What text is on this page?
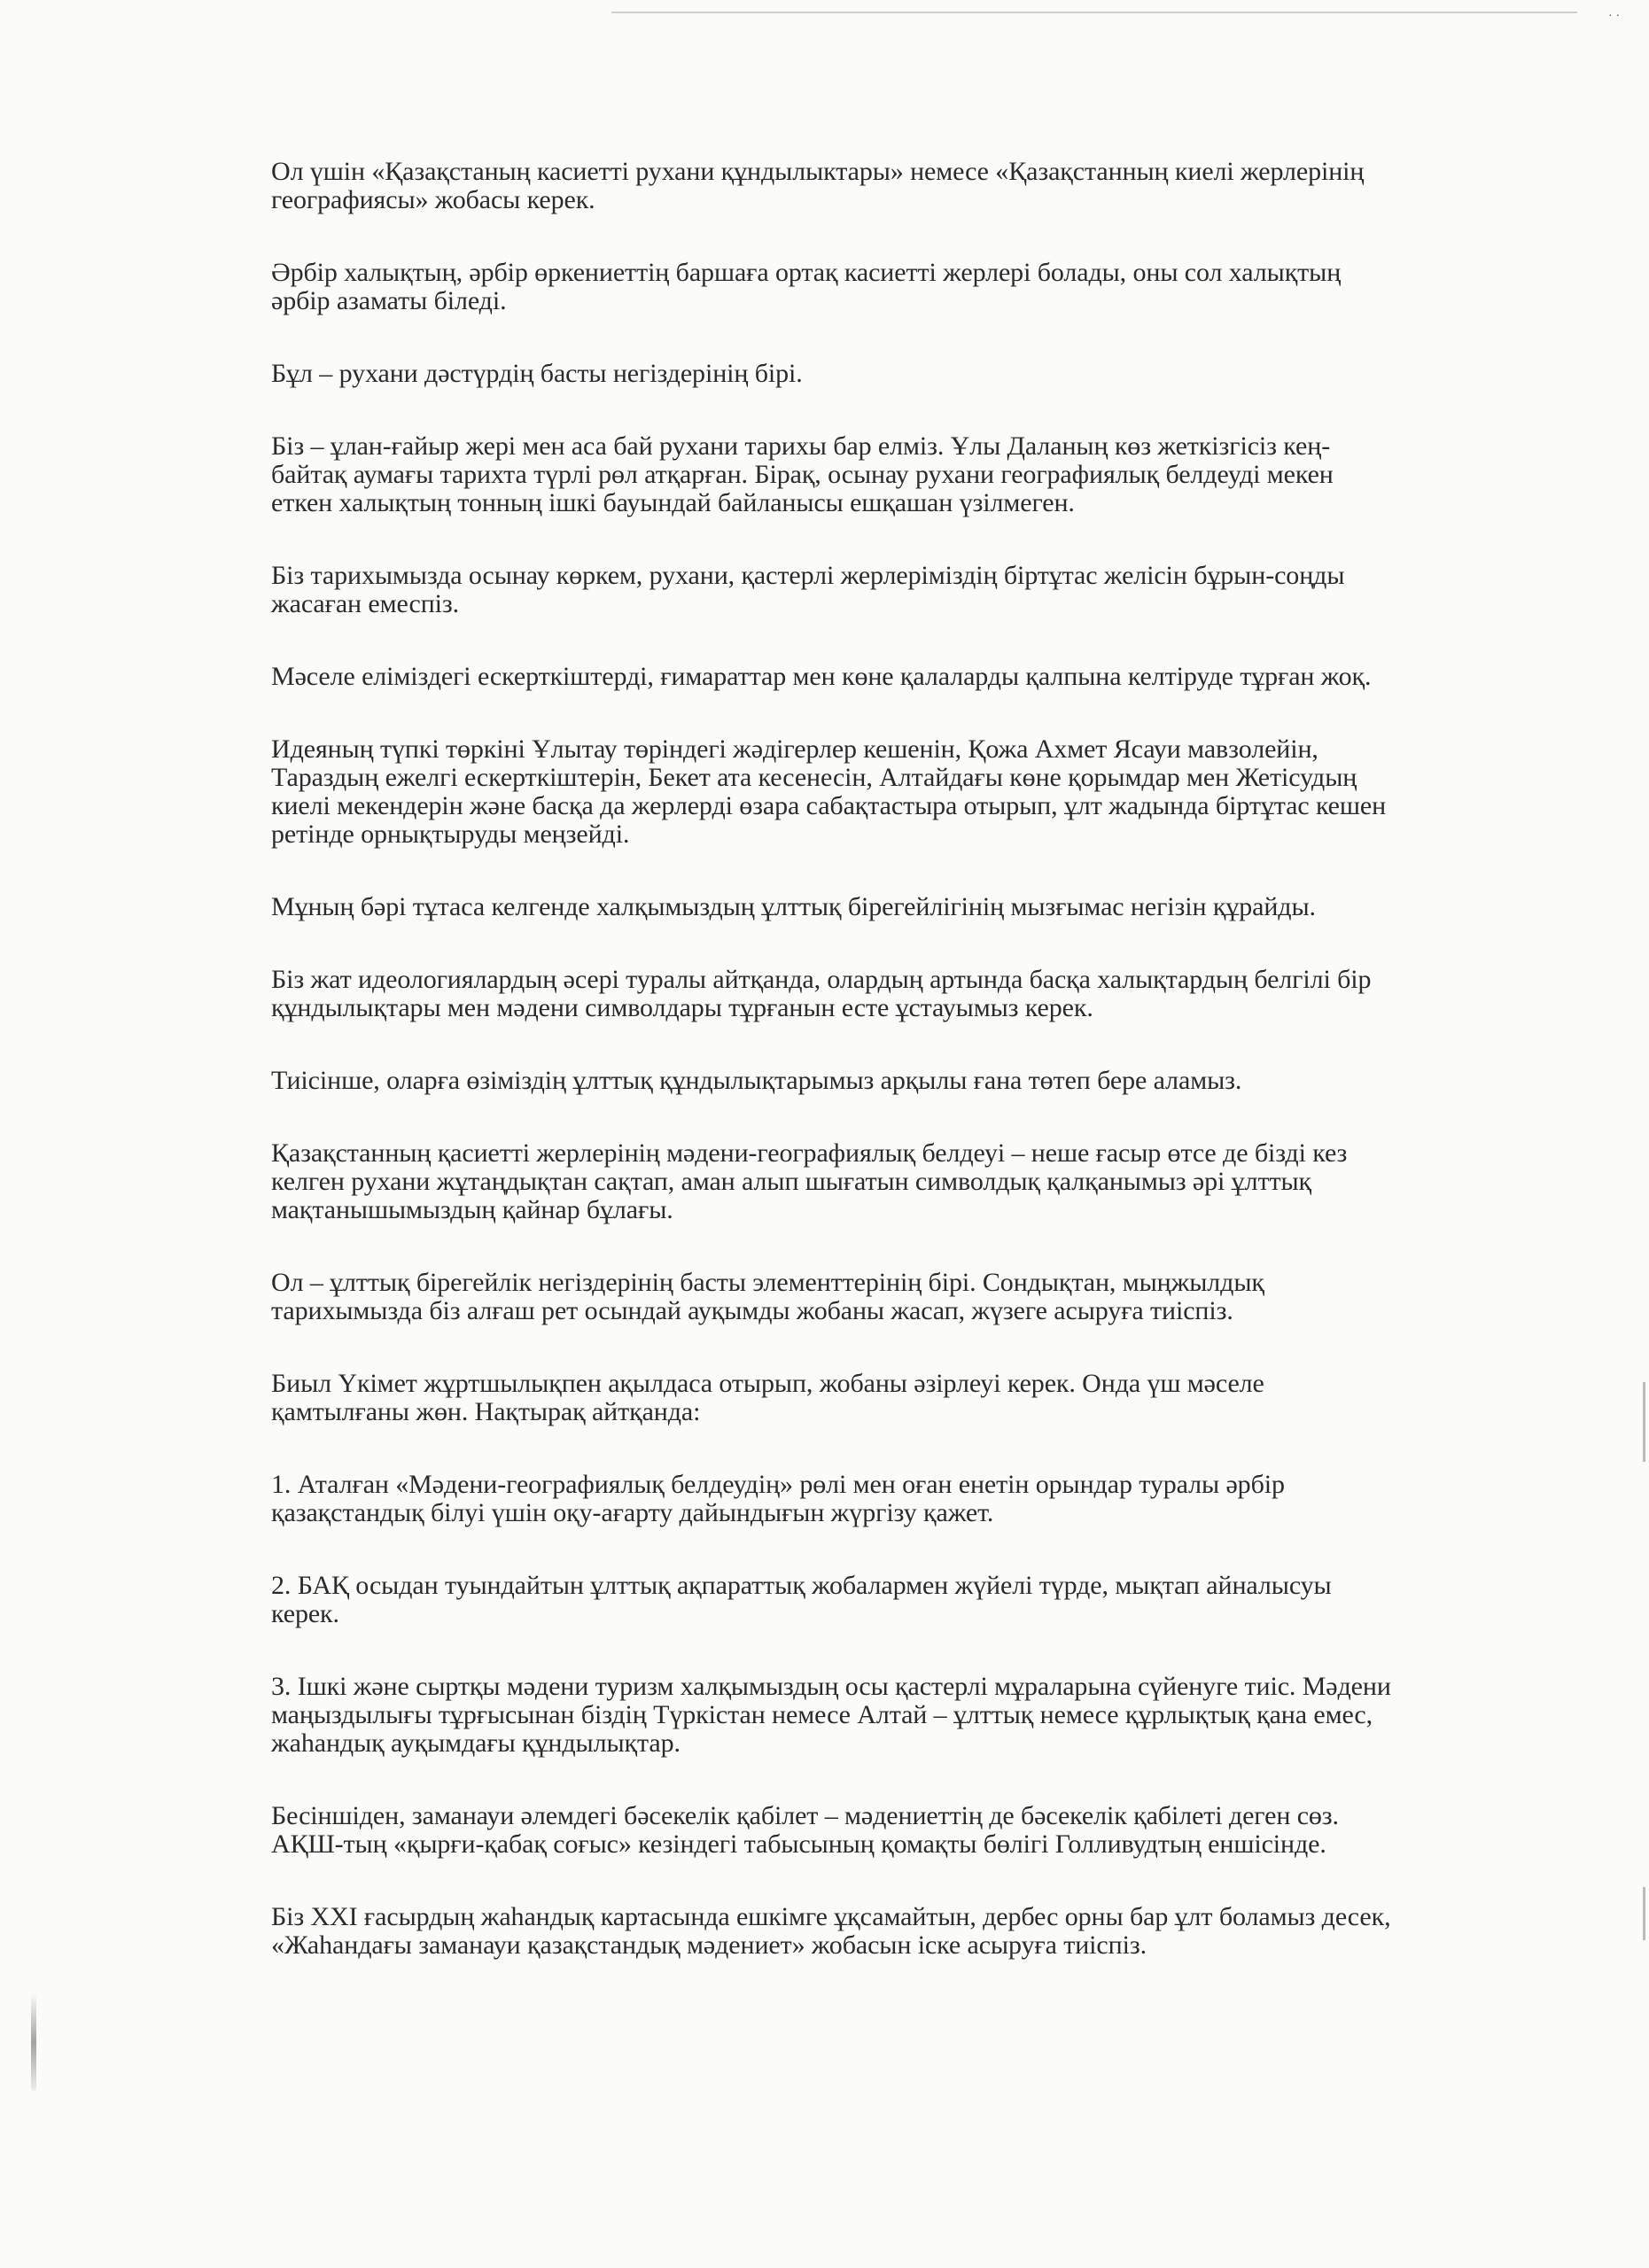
· ·

Ол үшін «Қазақстаның касиетті рухани құндылыктары» немесе «Қазақстанның киелі жерлерінің
географиясы» жобасы керек.

Әрбір халықтың, әрбір өркениеттің баршаға ортақ касиетті жерлері болады, оны сол халықтың
әрбір азаматы біледі.

Бұл – рухани дәстүрдің басты негіздерінің бірі.

Біз – ұлан-ғайыр жері мен аса бай рухани тарихы бар елміз. Ұлы Даланың көз жеткізгісіз кең-
байтақ аумағы тарихта түрлі рөл атқарған. Бірақ, осынау рухани географиялық белдеуді мекен
еткен халықтың тонның ішкі бауындай байланысы ешқашан үзілмеген.

Біз тарихымызда осынау көркем, рухани, қастерлі жерлеріміздің біртұтас желісін бұрын-соңды
жасаған емеспіз.

Мәселе еліміздегі ескерткіштерді, ғимараттар мен көне қалаларды қалпына келтіруде тұрған жоқ.

Идеяның түпкі төркіні Ұлытау төріндегі жәдігерлер кешенін, Қожа Ахмет Ясауи мавзолейін,
Тараздың ежелгі ескерткіштерін, Бекет ата кесенесін, Алтайдағы көне қорымдар мен Жетісудың
киелі мекендерін және басқа да жерлерді өзара сабақтастыра отырып, ұлт жадында біртұтас кешен
ретінде орнықтыруды меңзейді.

Мұның бәрі тұтаса келгенде халқымыздың ұлттық бірегейлігінің мызғымас негізін құрайды.

Біз жат идеологиялардың әсері туралы айтқанда, олардың артында басқа халықтардың белгілі бір
құндылықтары мен мәдени символдары тұрғанын есте ұстауымыз керек.

Тиісінше, оларға өзіміздің ұлттық құндылықтарымыз арқылы ғана төтеп бере аламыз.

Қазақстанның қасиетті жерлерінің мәдени-географиялық белдеуі – неше ғасыр өтсе де бізді кез
келген рухани жұтаңдықтан сақтап, аман алып шығатын символдық қалқанымыз әрі ұлттық
мақтанышымыздың қайнар бұлағы.

Ол – ұлттық бірегейлік негіздерінің басты элементтерінің бірі. Сондықтан, мыңжылдық
тарихымызда біз алғаш рет осындай ауқымды жобаны жасап, жүзеге асыруға тиіспіз.

Биыл Үкімет жұртшылықпен ақылдаса отырып, жобаны әзірлеуі керек. Онда үш мәселе
қамтылғаны жөн. Нақтырақ айтқанда:

1. Аталған «Мәдени-географиялық белдеудің» рөлі мен оған енетін орындар туралы әрбір
қазақстандық білуі үшін оқу-ағарту дайындығын жүргізу қажет.

2. БАҚ осыдан туындайтын ұлттық ақпараттық жобалармен жүйелі түрде, мықтап айналысуы
керек.

3. Ішкі және сыртқы мәдени туризм халқымыздың осы қастерлі мұраларына сүйенуге тиіс. Мәдени
маңыздылығы тұрғысынан біздің Түркістан немесе Алтай – ұлттық немесе құрлықтық қана емес,
жаһандық ауқымдағы құндылықтар.

Бесіншіден, заманауи әлемдегі бәсекелік қабілет – мәдениеттің де бәсекелік қабілеті деген сөз.
АҚШ-тың «қырғи-қабақ соғыс» кезіндегі табысының қомақты бөлігі Голливудтың еншісінде.

Біз XXI ғасырдың жаһандық картасында ешкімге ұқсамайтын, дербес орны бар ұлт боламыз десек,
«Жаһандағы заманауи қазақстандық мәдениет» жобасын іске асыруға тиіспіз.
